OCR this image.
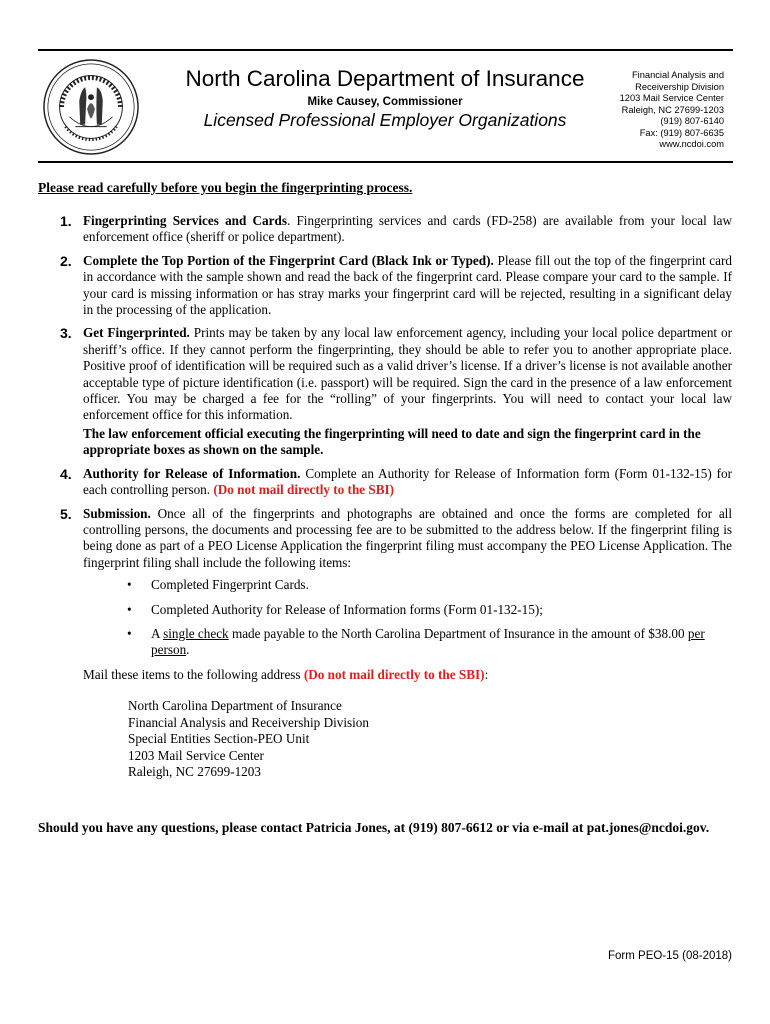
North Carolina Department of Insurance
Mike Causey, Commissioner
Licensed Professional Employer Organizations
Financial Analysis and
Receivership Division
1203 Mail Service Center
Raleigh, NC 27699-1203
(919) 807-6140
Fax: (919) 807-6635
www.ncdoi.com
Please read carefully before you begin the fingerprinting process.
1. Fingerprinting Services and Cards. Fingerprinting services and cards (FD-258) are available from your local law enforcement office (sheriff or police department).
2. Complete the Top Portion of the Fingerprint Card (Black Ink or Typed). Please fill out the top of the fingerprint card in accordance with the sample shown and read the back of the fingerprint card. Please compare your card to the sample. If your card is missing information or has stray marks your fingerprint card will be rejected, resulting in a significant delay in the processing of the application.
3. Get Fingerprinted. Prints may be taken by any local law enforcement agency, including your local police department or sheriff’s office. If they cannot perform the fingerprinting, they should be able to refer you to another appropriate place. Positive proof of identification will be required such as a valid driver’s license. If a driver’s license is not available another acceptable type of picture identification (i.e. passport) will be required. Sign the card in the presence of a law enforcement officer. You may be charged a fee for the “rolling” of your fingerprints. You will need to contact your local law enforcement office for this information.
The law enforcement official executing the fingerprinting will need to date and sign the fingerprint card in the appropriate boxes as shown on the sample.
4. Authority for Release of Information. Complete an Authority for Release of Information form (Form 01-132-15) for each controlling person. (Do not mail directly to the SBI)
5. Submission. Once all of the fingerprints and photographs are obtained and once the forms are completed for all controlling persons, the documents and processing fee are to be submitted to the address below. If the fingerprint filing is being done as part of a PEO License Application the fingerprint filing must accompany the PEO License Application. The fingerprint filing shall include the following items:
• Completed Fingerprint Cards.
• Completed Authority for Release of Information forms (Form 01-132-15);
• A single check made payable to the North Carolina Department of Insurance in the amount of $38.00 per person.
Mail these items to the following address (Do not mail directly to the SBI):
North Carolina Department of Insurance
Financial Analysis and Receivership Division
Special Entities Section-PEO Unit
1203 Mail Service Center
Raleigh, NC 27699-1203
Should you have any questions, please contact Patricia Jones, at (919) 807-6612 or via e-mail at pat.jones@ncdoi.gov.
Form PEO-15 (08-2018)
